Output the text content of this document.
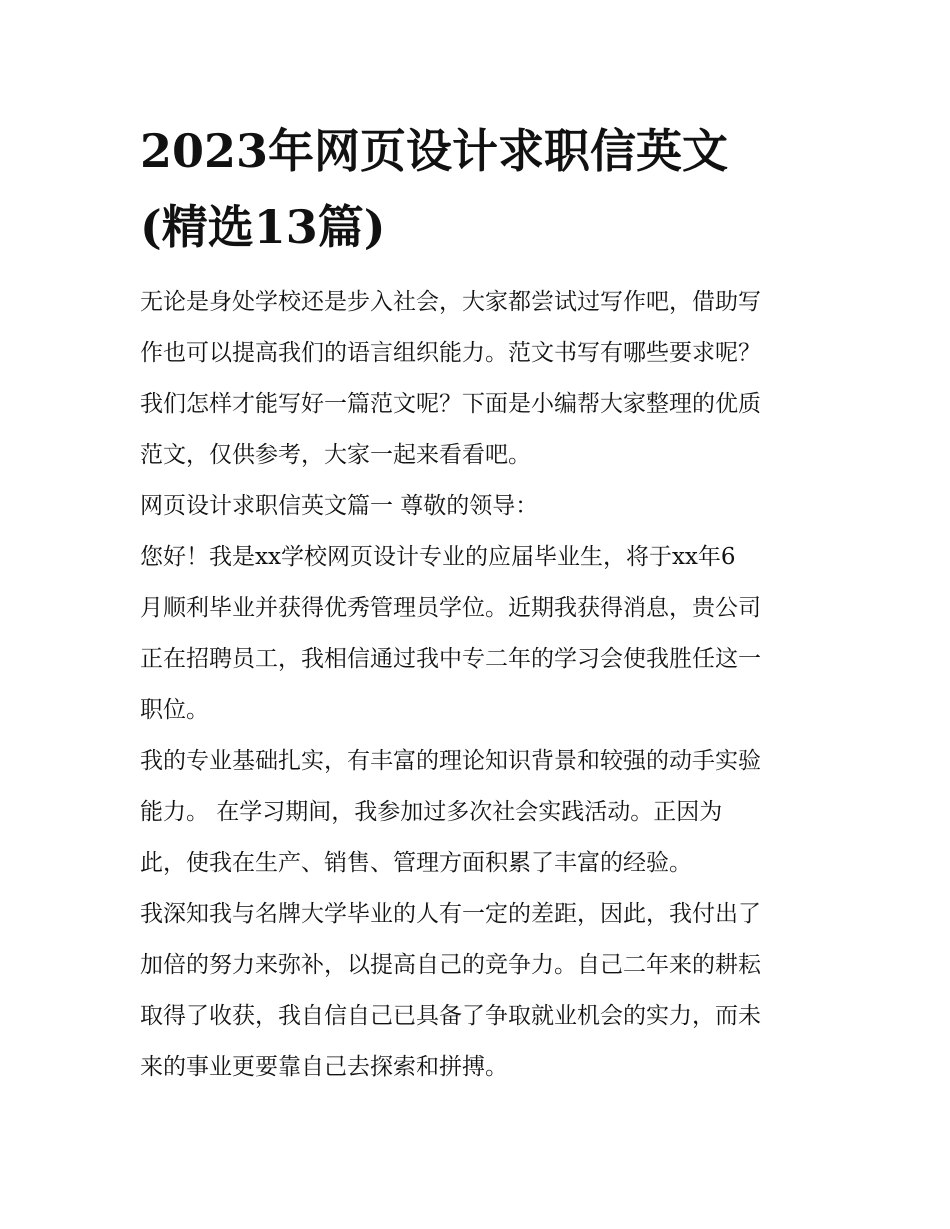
2023年网页设计求职信英文
(精选13篇)

无论是身处学校还是步入社会，大家都尝试过写作吧，借助写
作也可以提高我们的语言组织能力。范文书写有哪些要求呢？
我们怎样才能写好一篇范文呢？下面是小编帮大家整理的优质
范文，仅供参考，大家一起来看看吧。

网页设计求职信英文篇一 尊敬的领导：

您好！我是xx学校网页设计专业的应届毕业生，将于xx年6
月顺利毕业并获得优秀管理员学位。近期我获得消息，贵公司
正在招聘员工，我相信通过我中专二年的学习会使我胜任这一
职位。

我的专业基础扎实，有丰富的理论知识背景和较强的动手实验
能力。 在学习期间，我参加过多次社会实践活动。正因为
此，使我在生产、销售、管理方面积累了丰富的经验。

我深知我与名牌大学毕业的人有一定的差距，因此，我付出了
加倍的努力来弥补，以提高自己的竞争力。自己二年来的耕耘
取得了收获，我自信自己已具备了争取就业机会的实力，而未
来的事业更要靠自己去探索和拼搏。
